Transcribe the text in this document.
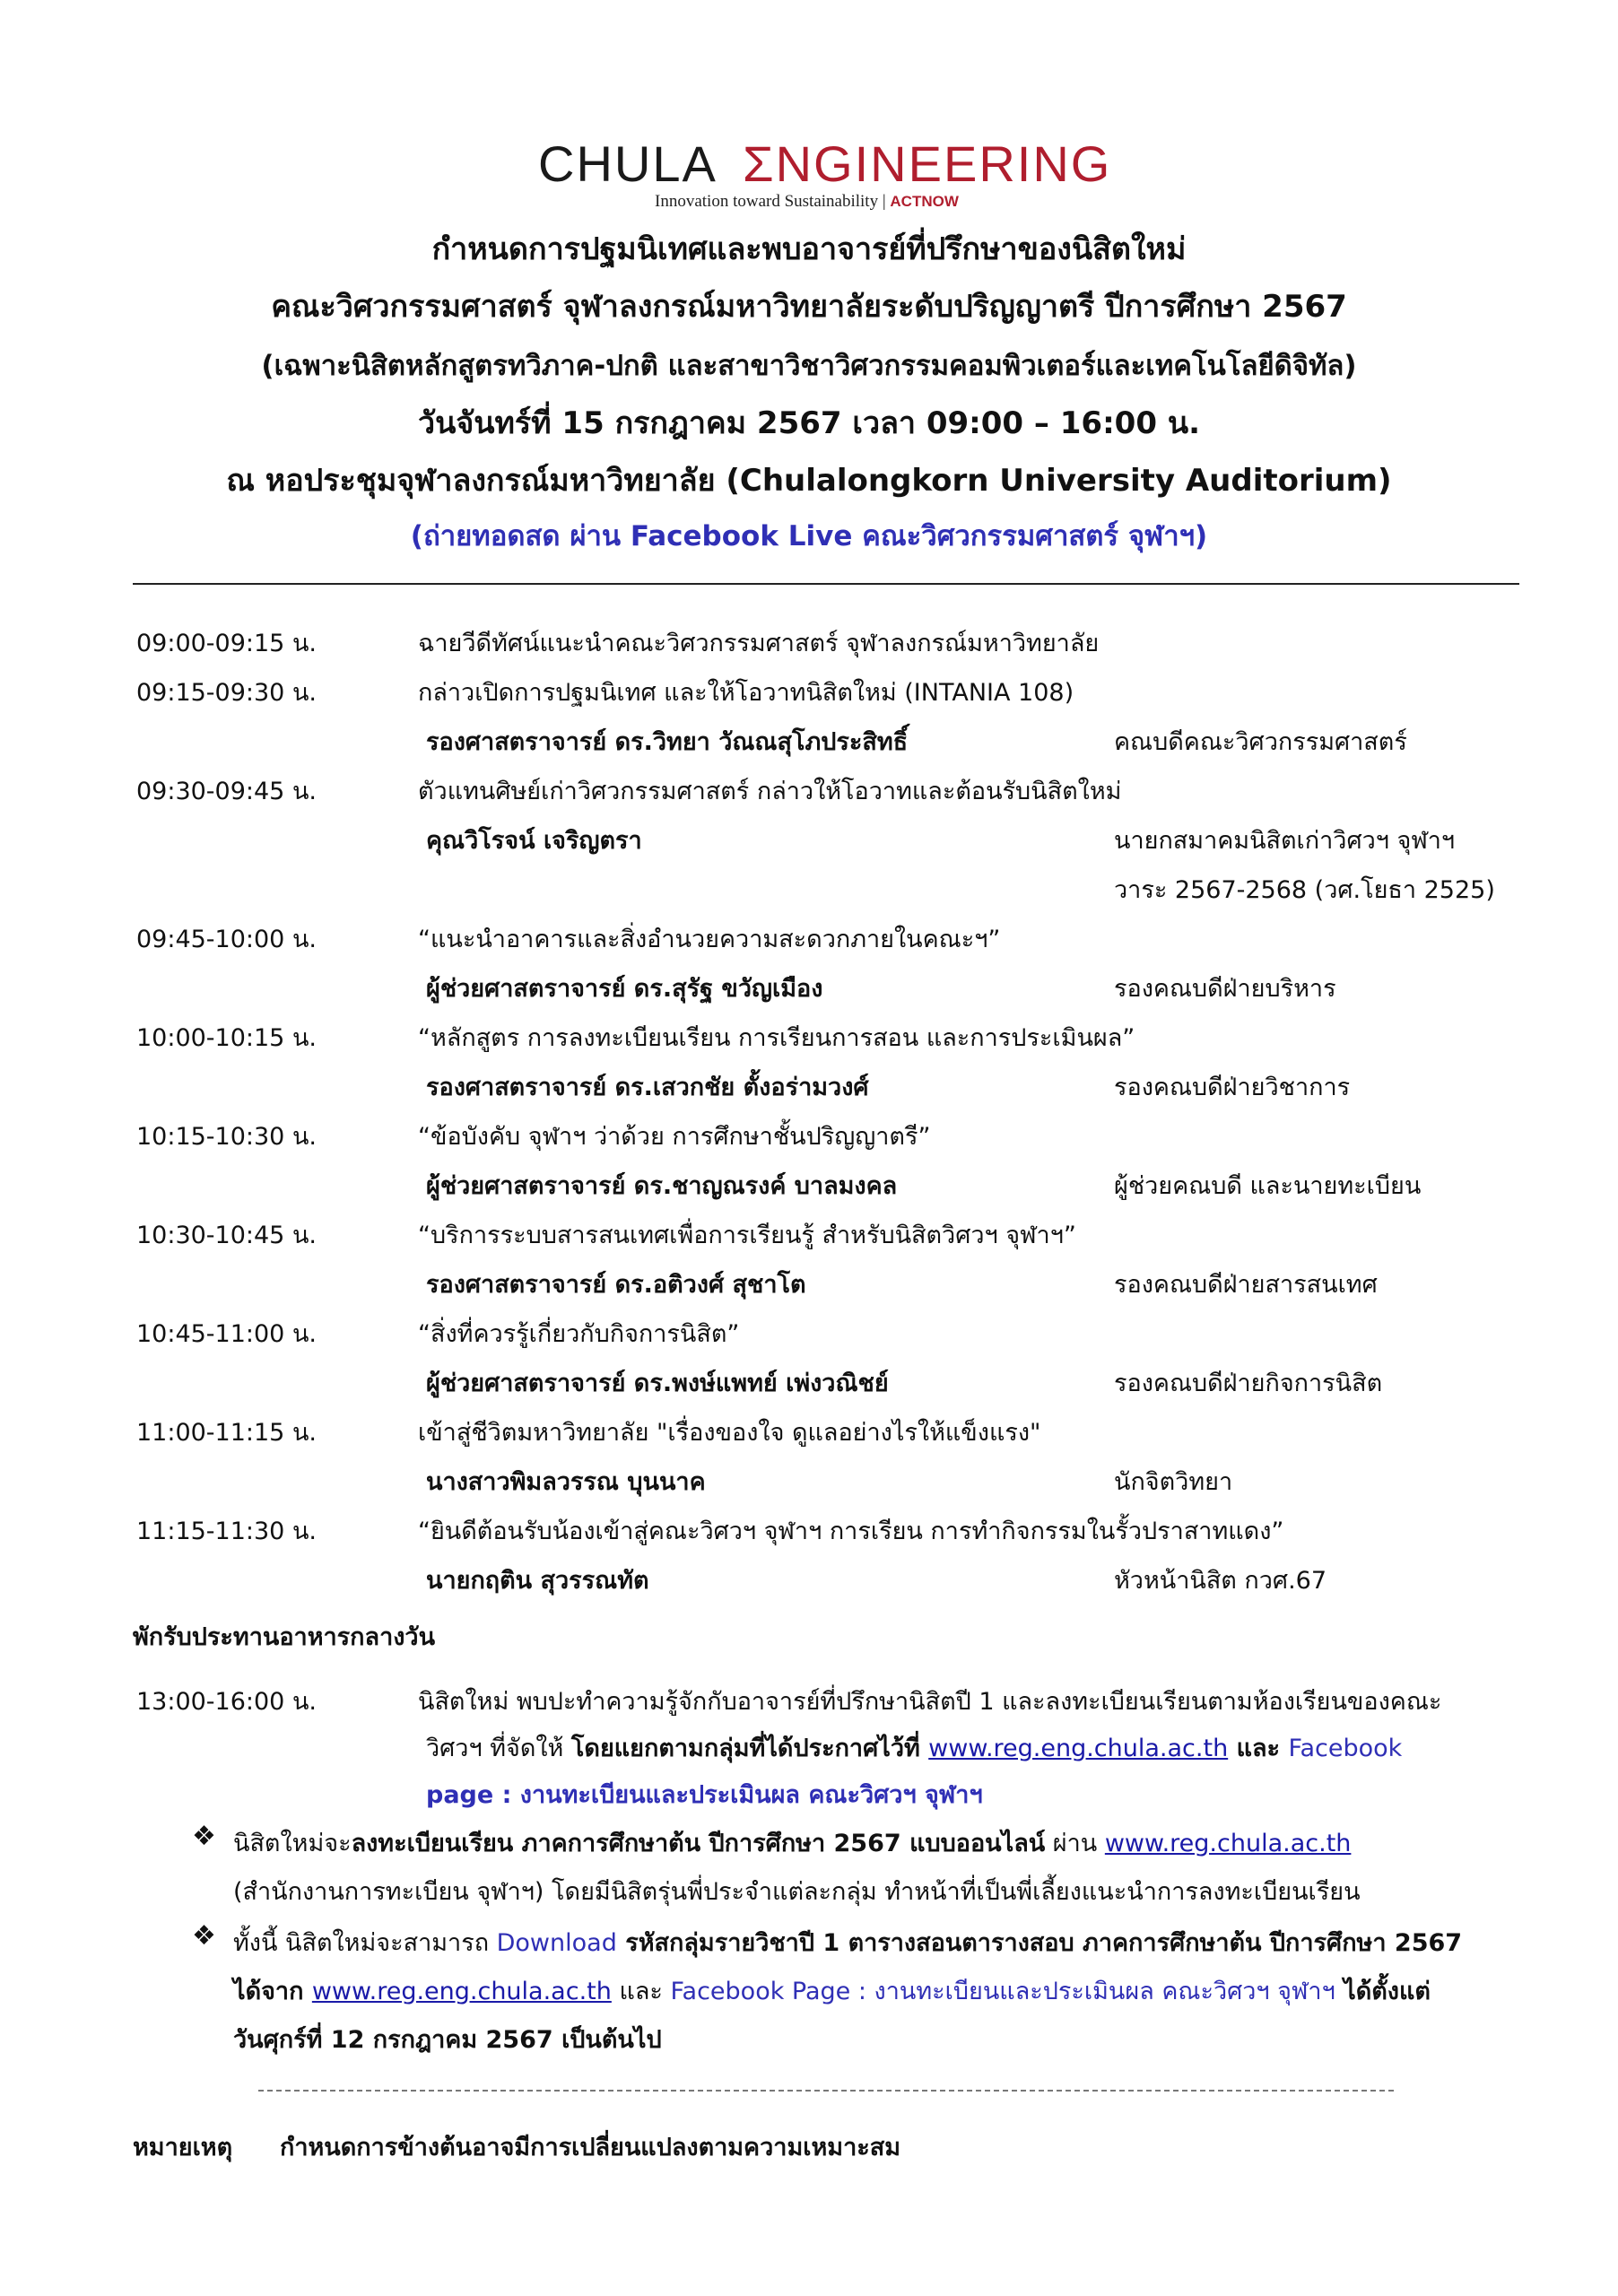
CHULA ƩNGINEERING
Innovation toward Sustainability | ACTNOW
กำหนดการปฐมนิเทศและพบอาจารย์ที่ปรึกษาของนิสิตใหม่
คณะวิศวกรรมศาสตร์ จุฬาลงกรณ์มหาวิทยาลัยระดับปริญญาตรี ปีการศึกษา 2567
(เฉพาะนิสิตหลักสูตรทวิภาค-ปกติ และสาขาวิชาวิศวกรรมคอมพิวเตอร์และเทคโนโลยีดิจิทัล)
วันจันทร์ที่ 15 กรกฎาคม 2567 เวลา 09:00 – 16:00 น.
ณ หอประชุมจุฬาลงกรณ์มหาวิทยาลัย (Chulalongkorn University Auditorium)
(ถ่ายทอดสด ผ่าน Facebook Live คณะวิศวกรรมศาสตร์ จุฬาฯ)
09:00-09:15 น.	ฉายวีดีทัศน์แนะนำคณะวิศวกรรมศาสตร์ จุฬาลงกรณ์มหาวิทยาลัย
09:15-09:30 น.	กล่าวเปิดการปฐมนิเทศ และให้โอวาทนิสิตใหม่ (INTANIA 108)
รองศาสตราจารย์ ดร.วิทยา วัณณสุโภประสิทธิ์	คณบดีคณะวิศวกรรมศาสตร์
09:30-09:45 น.	ตัวแทนศิษย์เก่าวิศวกรรมศาสตร์ กล่าวให้โอวาทและต้อนรับนิสิตใหม่
คุณวิโรจน์ เจริญตรา	นายกสมาคมนิสิตเก่าวิศวฯ จุฬาฯ
วาระ 2567-2568 (วศ.โยธา 2525)
09:45-10:00 น.	“แนะนำอาคารและสิ่งอำนวยความสะดวกภายในคณะฯ”
ผู้ช่วยศาสตราจารย์ ดร.สุรัฐ ขวัญเมือง	รองคณบดีฝ่ายบริหาร
10:00-10:15 น.	“หลักสูตร การลงทะเบียนเรียน การเรียนการสอน และการประเมินผล”
รองศาสตราจารย์ ดร.เสวกชัย ตั้งอร่ามวงศ์	รองคณบดีฝ่ายวิชาการ
10:15-10:30 น.	“ข้อบังคับ จุฬาฯ ว่าด้วย การศึกษาชั้นปริญญาตรี”
ผู้ช่วยศาสตราจารย์ ดร.ชาญณรงค์ บาลมงคล	ผู้ช่วยคณบดี และนายทะเบียน
10:30-10:45 น.	“บริการระบบสารสนเทศเพื่อการเรียนรู้ สำหรับนิสิตวิศวฯ จุฬาฯ”
รองศาสตราจารย์ ดร.อติวงศ์ สุชาโต	รองคณบดีฝ่ายสารสนเทศ
10:45-11:00 น.	“สิ่งที่ควรรู้เกี่ยวกับกิจการนิสิต”
ผู้ช่วยศาสตราจารย์ ดร.พงษ์แพทย์ เพ่งวณิชย์	รองคณบดีฝ่ายกิจการนิสิต
11:00-11:15 น.	เข้าสู่ชีวิตมหาวิทยาลัย "เรื่องของใจ ดูแลอย่างไรให้แข็งแรง"
นางสาวพิมลวรรณ บุนนาค	นักจิตวิทยา
11:15-11:30 น.	“ยินดีต้อนรับน้องเข้าสู่คณะวิศวฯ จุฬาฯ การเรียน การทำกิจกรรมในรั้วปราสาทแดง”
นายกฤติน สุวรรณทัต	หัวหน้านิสิต กวศ.67
พักรับประทานอาหารกลางวัน
13:00-16:00 น.	นิสิตใหม่ พบปะทำความรู้จักกับอาจารย์ที่ปรึกษานิสิตปี 1 และลงทะเบียนเรียนตามห้องเรียนของคณะ
วิศวฯ ที่จัดให้ โดยแยกตามกลุ่มที่ได้ประกาศไว้ที่ www.reg.eng.chula.ac.th และ Facebook
page : งานทะเบียนและประเมินผล คณะวิศวฯ จุฬาฯ
❖ นิสิตใหม่จะลงทะเบียนเรียน ภาคการศึกษาต้น ปีการศึกษา 2567 แบบออนไลน์ ผ่าน www.reg.chula.ac.th
(สำนักงานการทะเบียน จุฬาฯ) โดยมีนิสิตรุ่นพี่ประจำแต่ละกลุ่ม ทำหน้าที่เป็นพี่เลี้ยงแนะนำการลงทะเบียนเรียน
❖ ทั้งนี้ นิสิตใหม่จะสามารถ Download รหัสกลุ่มรายวิชาปี 1 ตารางสอนตารางสอบ ภาคการศึกษาต้น ปีการศึกษา 2567
ได้จาก www.reg.eng.chula.ac.th และ Facebook Page : งานทะเบียนและประเมินผล คณะวิศวฯ จุฬาฯ ได้ตั้งแต่
วันศุกร์ที่ 12 กรกฎาคม 2567 เป็นต้นไป
หมายเหตุ กำหนดการข้างต้นอาจมีการเปลี่ยนแปลงตามความเหมาะสม
